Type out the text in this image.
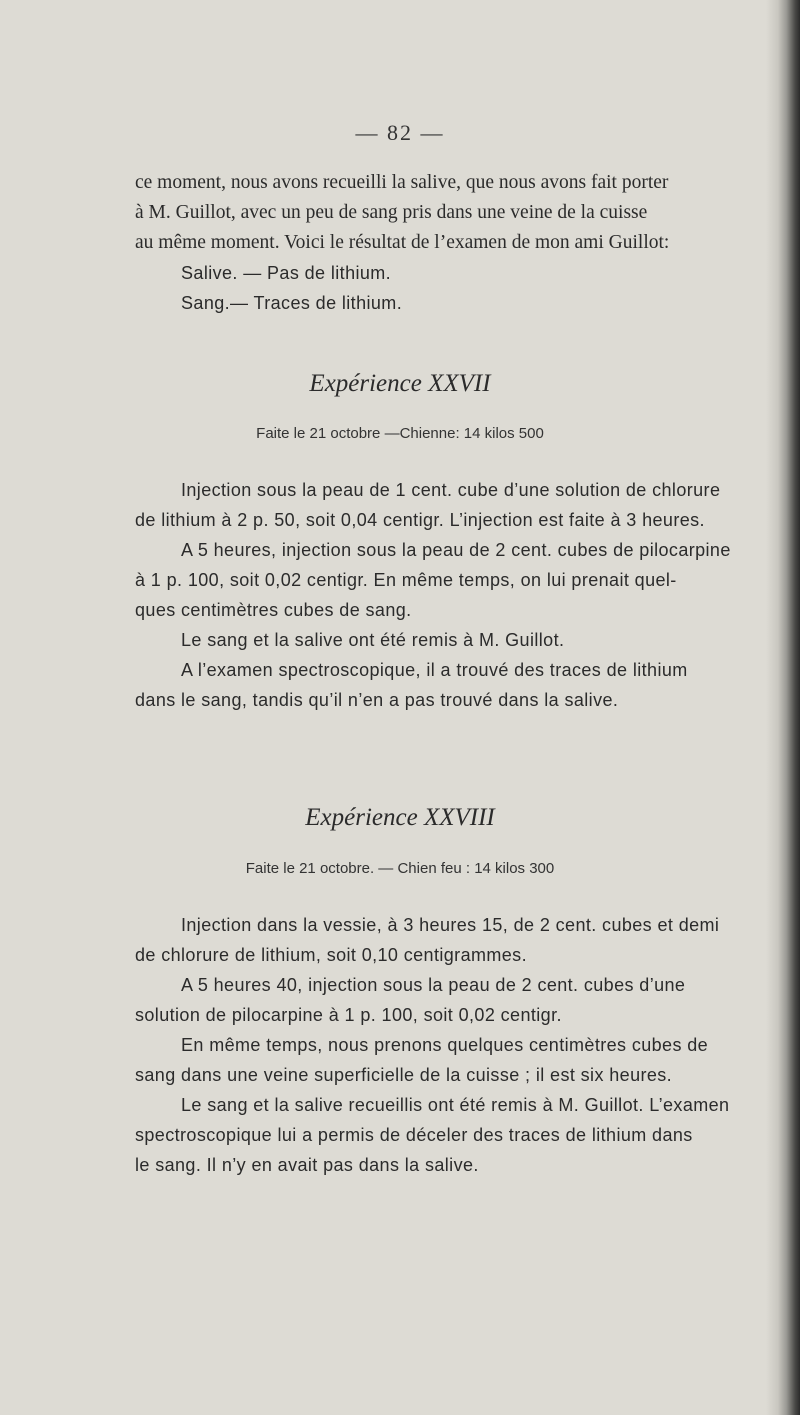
— 82 —

ce moment, nous avons recueilli la salive, que nous avons fait porter

à M. Guillot, avec un peu de sang pris dans une veine de la cuisse

au même moment. Voici le résultat de l’examen de mon ami Guillot:

Salive. — Pas de lithium.

Sang.— Traces de lithium.

Expérience XXVII
Faite le 21 octobre —Chienne: 14 kilos 500

Injection sous la peau de 1 cent. cube d’une solution de chlorure

de lithium à 2 p. 50, soit 0,04 centigr. L’injection est faite à 3 heures.

A 5 heures, injection sous la peau de 2 cent. cubes de pilocarpine

à 1 p. 100, soit 0,02 centigr. En même temps, on lui prenait quel-

ques centimètres cubes de sang.

Le sang et la salive ont été remis à M. Guillot.

A l’examen spectroscopique, il a trouvé des traces de lithium

dans le sang, tandis qu’il n’en a pas trouvé dans la salive.

Expérience XXVIII
Faite le 21 octobre. — Chien feu : 14 kilos 300

Injection dans la vessie, à 3 heures 15, de 2 cent. cubes et demi

de chlorure de lithium, soit 0,10 centigrammes.

A 5 heures 40, injection sous la peau de 2 cent. cubes d’une

solution de pilocarpine à 1 p. 100, soit 0,02 centigr.

En même temps, nous prenons quelques centimètres cubes de

sang dans une veine superficielle de la cuisse ; il est six heures.

Le sang et la salive recueillis ont été remis à M. Guillot. L’examen

spectroscopique lui a permis de déceler des traces de lithium dans

le sang. Il n’y en avait pas dans la salive.
